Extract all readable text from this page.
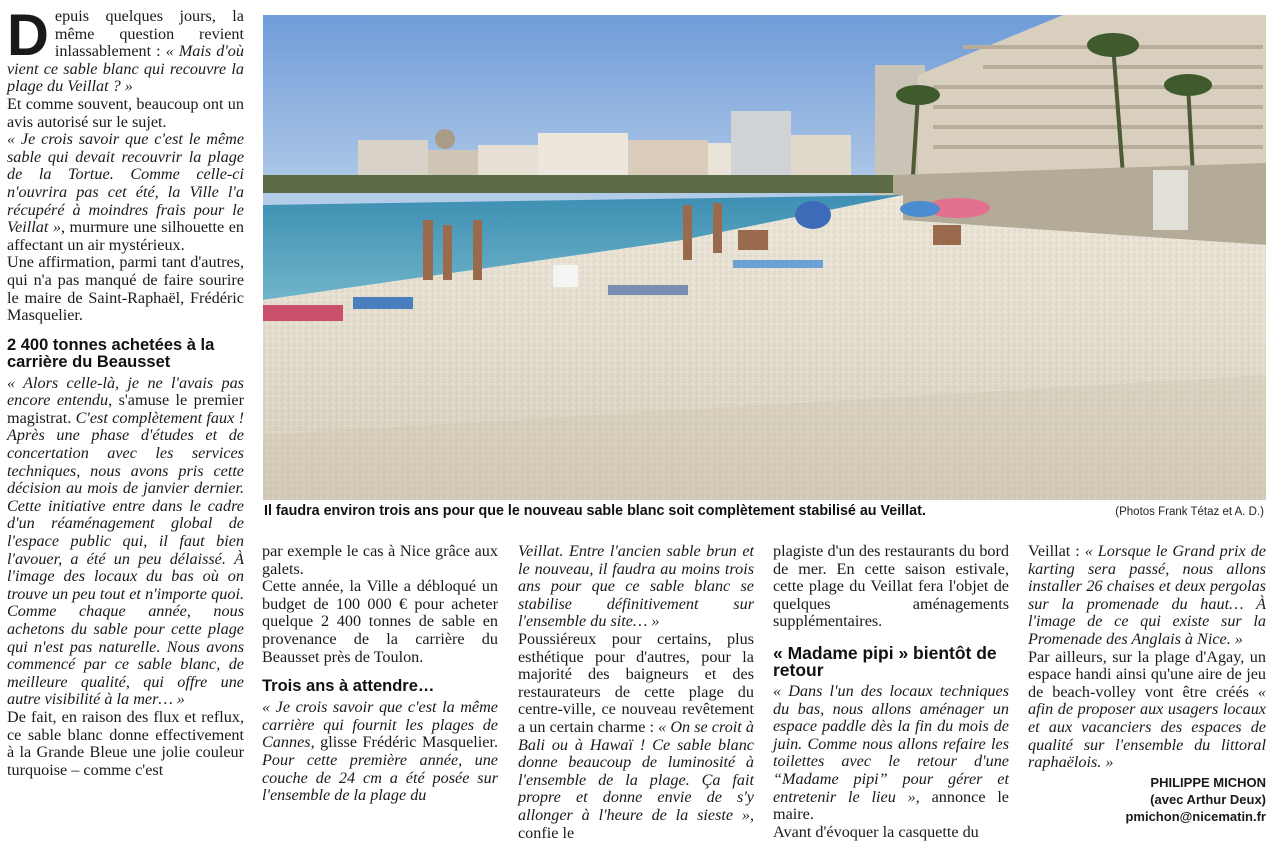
D epuis quelques jours, la même question revient inlassablement : « Mais d'où vient ce sable blanc qui recouvre la plage du Veillat ? »

Et comme souvent, beaucoup ont un avis autorisé sur le sujet.

« Je crois savoir que c'est le même sable qui devait recouvrir la plage de la Tortue. Comme celle-ci n'ouvrira pas cet été, la Ville l'a récupéré à moindres frais pour le Veillat », murmure une silhouette en affectant un air mystérieux.

Une affirmation, parmi tant d'autres, qui n'a pas manqué de faire sourire le maire de Saint-Raphaël, Frédéric Masquelier.

2 400 tonnes achetées à la carrière du Beausset

« Alors celle-là, je ne l'avais pas encore entendu, s'amuse le premier magistrat. C'est complètement faux ! Après une phase d'études et de concertation avec les services techniques, nous avons pris cette décision au mois de janvier dernier. Cette initiative entre dans le cadre d'un réaménagement global de l'espace public qui, il faut bien l'avouer, a été un peu délaissé. À l'image des locaux du bas où on trouve un peu tout et n'importe quoi. Comme chaque année, nous achetons du sable pour cette plage qui n'est pas naturelle. Nous avons commencé par ce sable blanc, de meilleure qualité, qui offre une autre visibilité à la mer… »

De fait, en raison des flux et reflux, ce sable blanc donne effectivement à la Grande Bleue une jolie couleur turquoise – comme c'est

Il faudra environ trois ans pour que le nouveau sable blanc soit complètement stabilisé au Veillat.	(Photos Frank Tétaz et A. D.)

par exemple le cas à Nice grâce aux galets.

Cette année, la Ville a débloqué un budget de 100 000 € pour acheter quelque 2 400 tonnes de sable en provenance de la carrière du Beausset près de Toulon.

Trois ans à attendre…

« Je crois savoir que c'est la même carrière qui fournit les plages de Cannes, glisse Frédéric Masquelier. Pour cette première année, une couche de 24 cm a été posée sur l'ensemble de la plage du

Veillat. Entre l'ancien sable brun et le nouveau, il faudra au moins trois ans pour que ce sable blanc se stabilise définitivement sur l'ensemble du site… »

Poussiéreux pour certains, plus esthétique pour d'autres, pour la majorité des baigneurs et des restaurateurs de cette plage du centre-ville, ce nouveau revêtement a un certain charme : « On se croit à Bali ou à Hawaï ! Ce sable blanc donne beaucoup de luminosité à l'ensemble de la plage. Ça fait propre et donne envie de s'y allonger à l'heure de la sieste », confie le

plagiste d'un des restaurants du bord de mer. En cette saison estivale, cette plage du Veillat fera l'objet de quelques aménagements supplémentaires.

« Madame pipi » bientôt de retour

« Dans l'un des locaux techniques du bas, nous allons aménager un espace paddle dès la fin du mois de juin. Comme nous allons refaire les toilettes avec le retour d'une “Madame pipi” pour gérer et entretenir le lieu », annonce le maire.

Avant d'évoquer la casquette du

Veillat : « Lorsque le Grand prix de karting sera passé, nous allons installer 26 chaises et deux pergolas sur la promenade du haut… À l'image de ce qui existe sur la Promenade des Anglais à Nice. »

Par ailleurs, sur la plage d'Agay, un espace handi ainsi qu'une aire de jeu de beach-volley vont être créés « afin de proposer aux usagers locaux et aux vacanciers des espaces de qualité sur l'ensemble du littoral raphaëlois. »

PHILIPPE MICHON
(avec Arthur Deux)
pmichon@nicematin.fr
